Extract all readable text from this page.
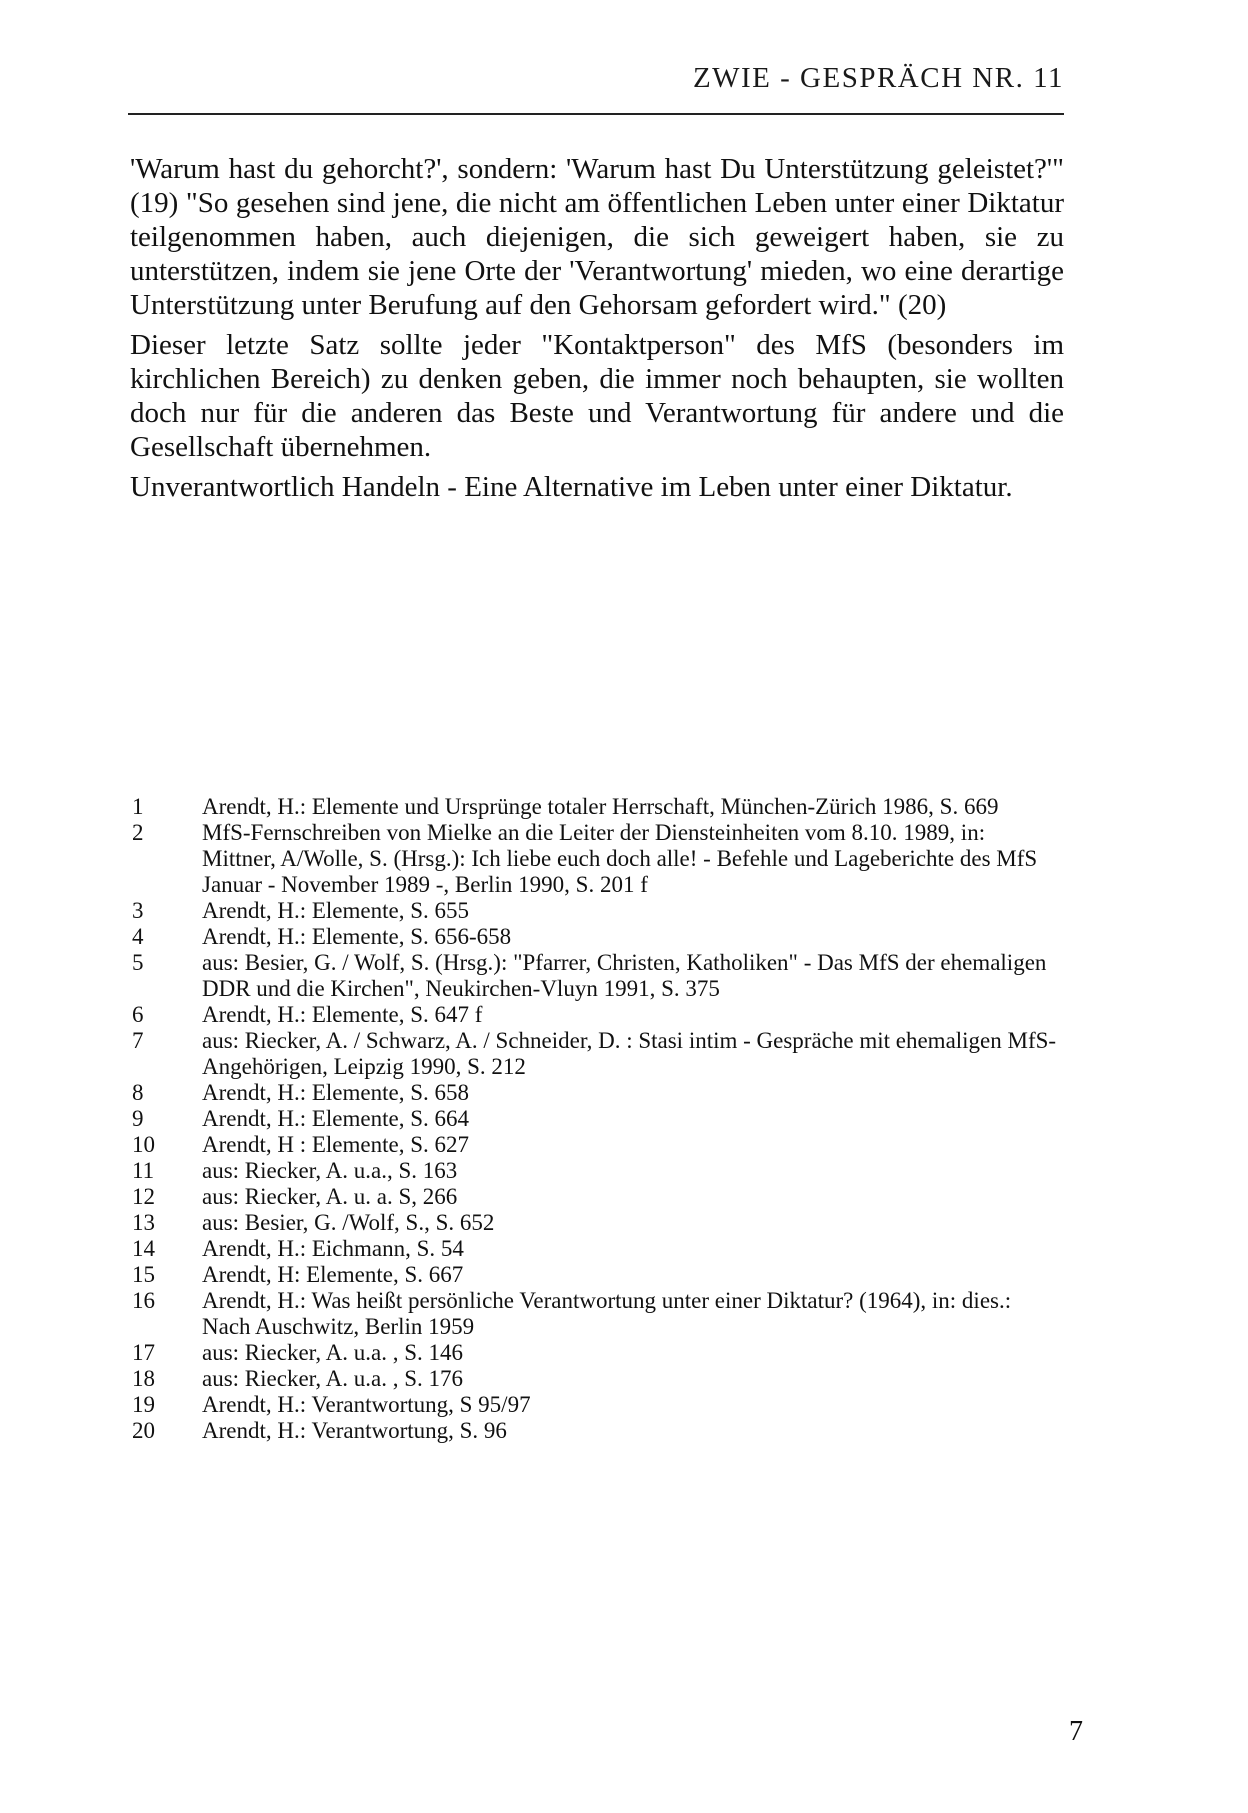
ZWIE - GESPRÄCH NR. 11

'Warum hast du gehorcht?', sondern: 'Warum hast Du Unterstützung geleistet?'" (19) "So gesehen sind jene, die nicht am öffentlichen Leben unter einer Diktatur teilgenommen haben, auch diejenigen, die sich geweigert haben, sie zu unterstützen, indem sie jene Orte der 'Verantwortung' mieden, wo eine derartige Unterstützung unter Berufung auf den Gehorsam gefordert wird." (20)

Dieser letzte Satz sollte jeder "Kontaktperson" des MfS (besonders im kirchlichen Bereich) zu denken geben, die immer noch behaupten, sie wollten doch nur für die anderen das Beste und Verantwortung für andere und die Gesellschaft übernehmen.

Unverantwortlich Handeln - Eine Alternative im Leben unter einer Diktatur.

1	Arendt, H.: Elemente und Ursprünge totaler Herrschaft, München-Zürich 1986, S. 669
2	MfS-Fernschreiben von Mielke an die Leiter der Diensteinheiten vom 8.10. 1989, in: Mittner, A/Wolle, S. (Hrsg.): Ich liebe euch doch alle! - Befehle und Lageberichte des MfS Januar - November 1989 -, Berlin 1990, S. 201 f
3	Arendt, H.: Elemente, S. 655
4	Arendt, H.: Elemente, S. 656-658
5	aus: Besier, G. / Wolf, S. (Hrsg.): "Pfarrer, Christen, Katholiken" - Das MfS der ehemaligen DDR und die Kirchen", Neukirchen-Vluyn 1991, S. 375
6	Arendt, H.: Elemente, S. 647 f
7	aus: Riecker, A. / Schwarz, A. / Schneider, D. : Stasi intim - Gespräche mit ehemaligen MfS-Angehörigen, Leipzig 1990, S. 212
8	Arendt, H.: Elemente, S. 658
9	Arendt, H.: Elemente, S. 664
10	Arendt, H : Elemente, S. 627
11	aus: Riecker, A. u.a., S. 163
12	aus: Riecker, A. u. a. S, 266
13	aus: Besier, G. /Wolf, S., S. 652
14	Arendt, H.: Eichmann, S. 54
15	Arendt, H: Elemente, S. 667
16	Arendt, H.: Was heißt persönliche Verantwortung unter einer Diktatur? (1964), in: dies.: Nach Auschwitz, Berlin 1959
17	aus: Riecker, A. u.a. , S. 146
18	aus: Riecker, A. u.a. , S. 176
19	Arendt, H.: Verantwortung, S 95/97
20	Arendt, H.: Verantwortung, S. 96
7
